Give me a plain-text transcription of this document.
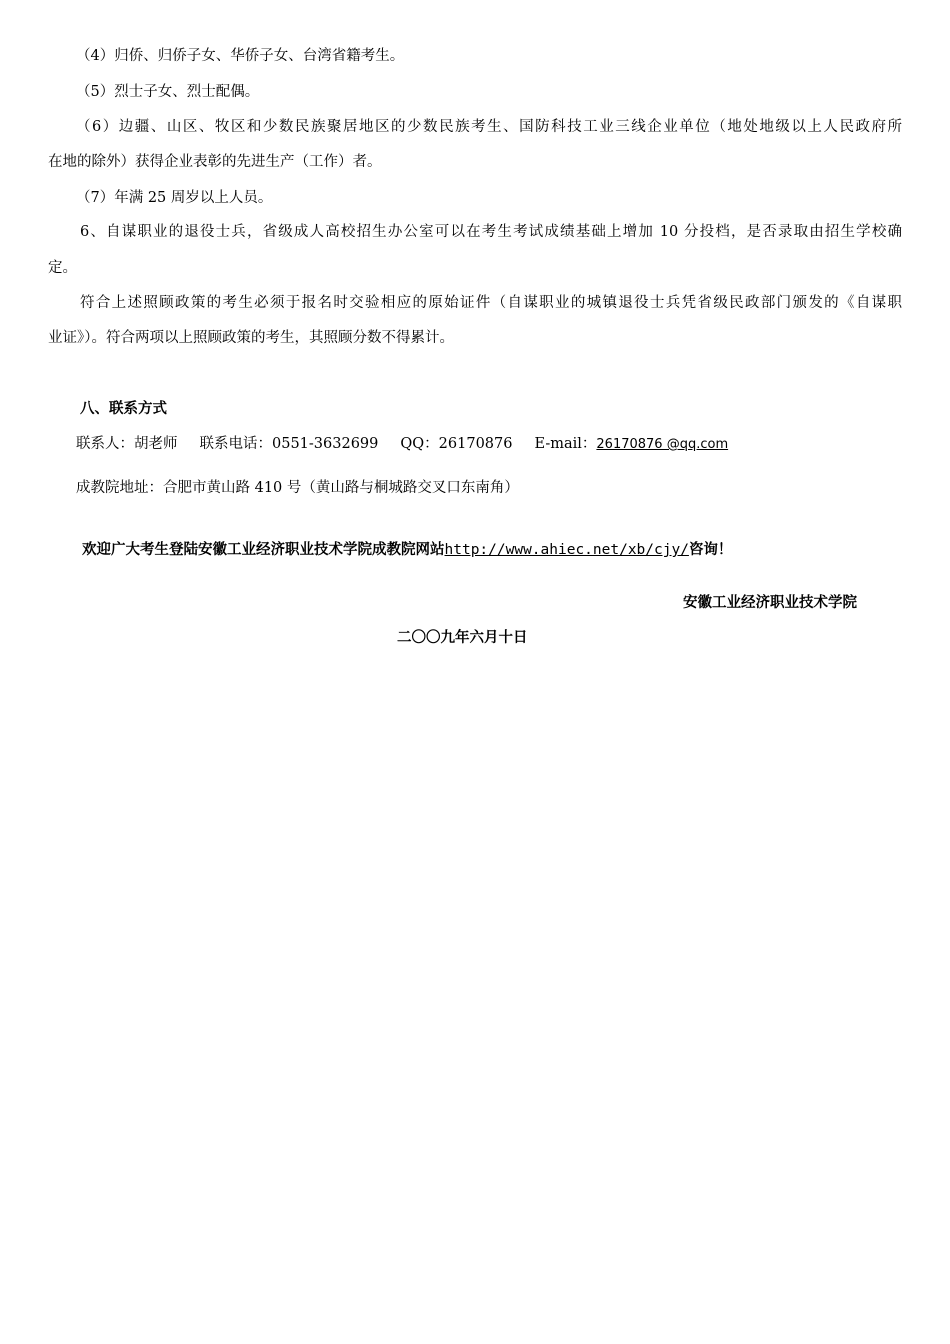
（4）归侨、归侨子女、华侨子女、台湾省籍考生。
（5）烈士子女、烈士配偶。
（6）边疆、山区、牧区和少数民族聚居地区的少数民族考生、国防科技工业三线企业单位（地处地级以上人民政府所
在地的除外）获得企业表彰的先进生产（工作）者。
（7）年满 25 周岁以上人员。
6、自谋职业的退役士兵，省级成人高校招生办公室可以在考生考试成绩基础上增加 10 分投档，是否录取由招生学校确
定。
符合上述照顾政策的考生必须于报名时交验相应的原始证件（自谋职业的城镇退役士兵凭省级民政部门颁发的《自谋职
业证》）。符合两项以上照顾政策的考生，其照顾分数不得累计。
八、联系方式
联系人：胡老师 联系电话：0551-3632699 QQ：26170876 E-mail：26170876 @qq.com
成教院地址：合肥市黄山路 410 号（黄山路与桐城路交叉口东南角）
欢迎广大考生登陆安徽工业经济职业技术学院成教院网站http://www.ahiec.net/xb/cjy/咨询！
安徽工业经济职业技术学院
二〇〇九年六月十日
